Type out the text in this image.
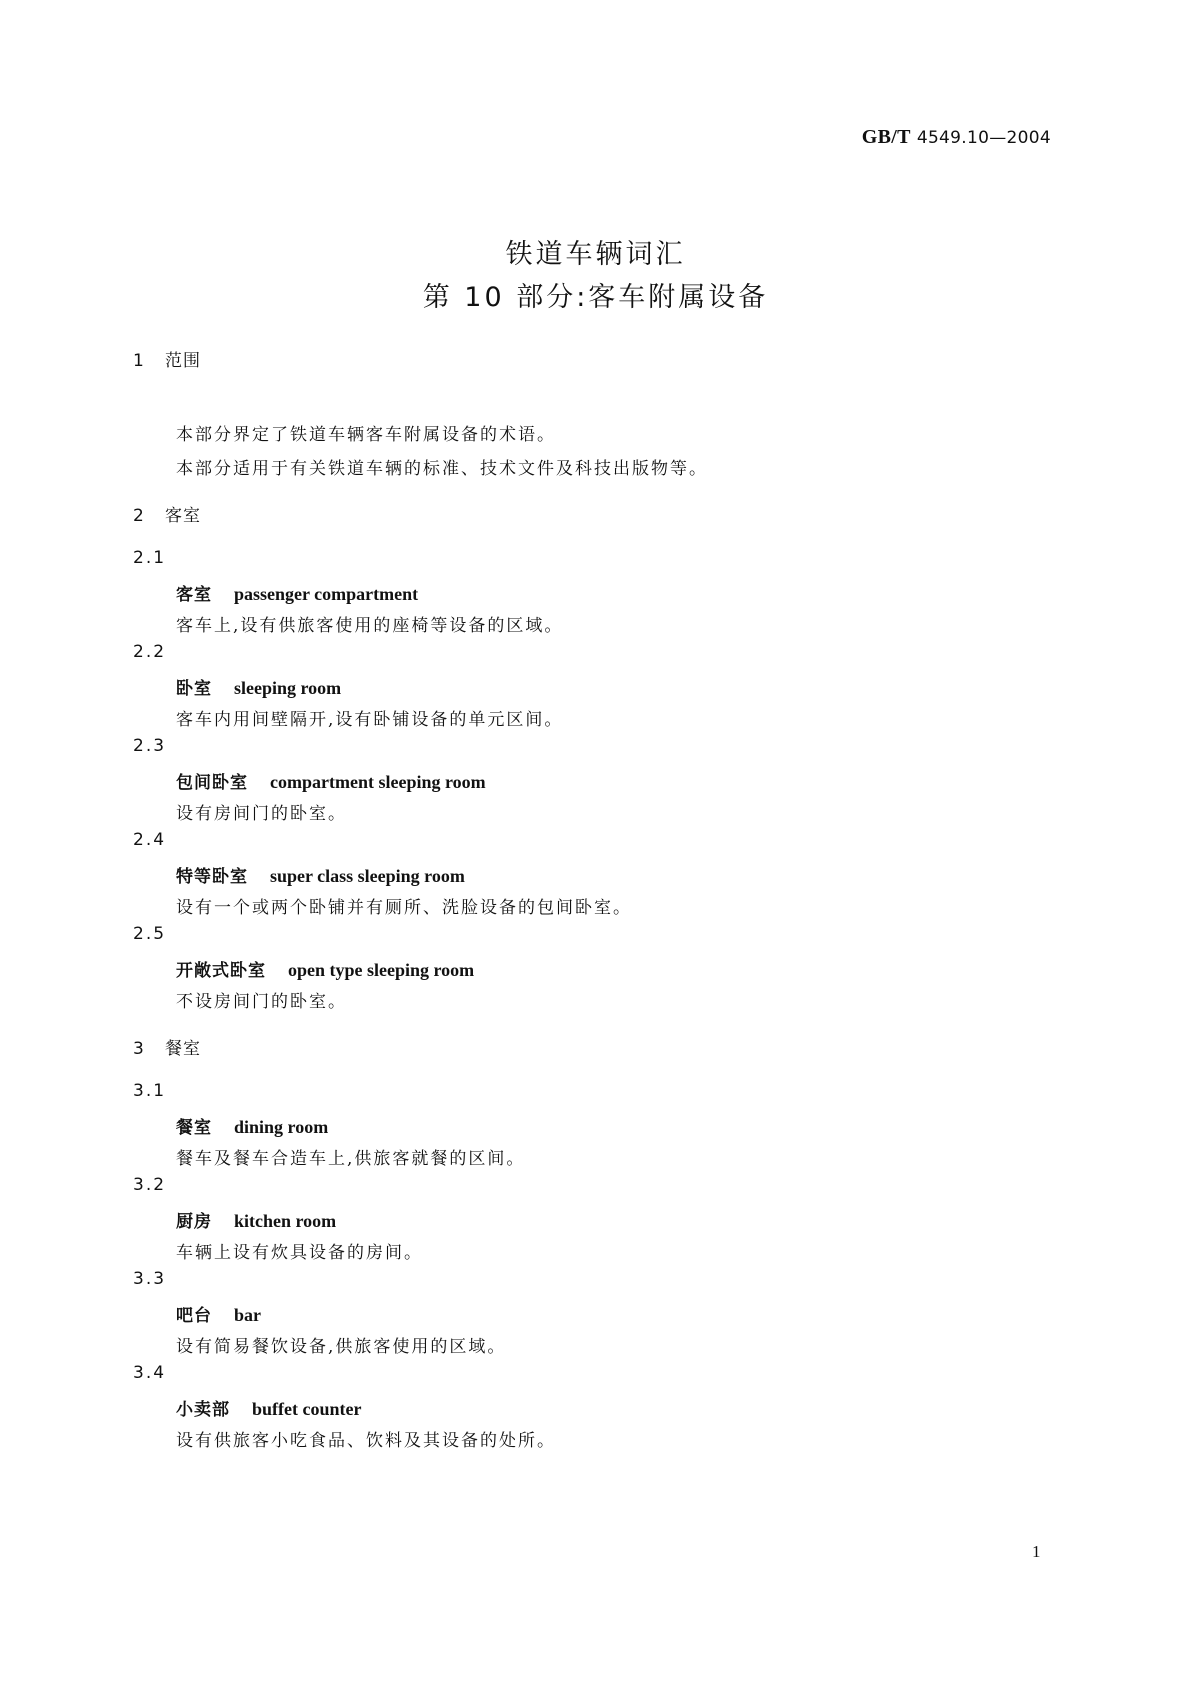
GB/T 4549.10—2004
铁道车辆词汇
第 10 部分:客车附属设备
1 范围
本部分界定了铁道车辆客车附属设备的术语。
本部分适用于有关铁道车辆的标准、技术文件及科技出版物等。
2 客室
2.1
客室 passenger compartment
客车上,设有供旅客使用的座椅等设备的区域。
2.2
卧室 sleeping room
客车内用间壁隔开,设有卧铺设备的单元区间。
2.3
包间卧室 compartment sleeping room
设有房间门的卧室。
2.4
特等卧室 super class sleeping room
设有一个或两个卧铺并有厕所、洗脸设备的包间卧室。
2.5
开敞式卧室 open type sleeping room
不设房间门的卧室。
3 餐室
3.1
餐室 dining room
餐车及餐车合造车上,供旅客就餐的区间。
3.2
厨房 kitchen room
车辆上设有炊具设备的房间。
3.3
吧台 bar
设有简易餐饮设备,供旅客使用的区域。
3.4
小卖部 buffet counter
设有供旅客小吃食品、饮料及其设备的处所。
1
